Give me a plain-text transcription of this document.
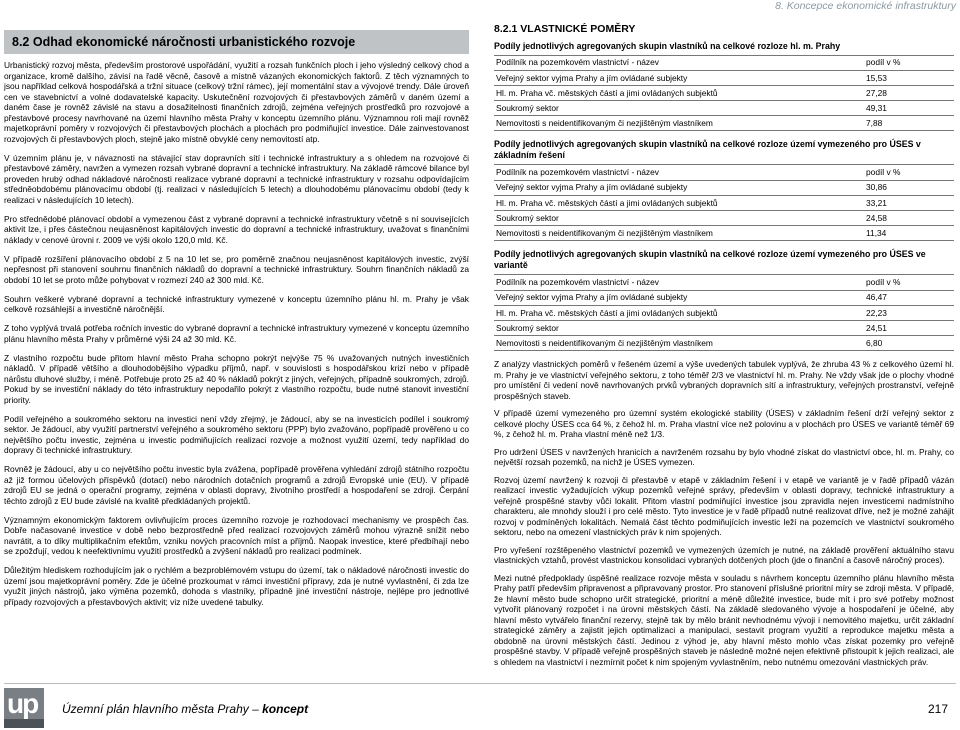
8. Koncepce ekonomické infrastruktury
8.2 Odhad ekonomické náročnosti urbanistického rozvoje

Urbanistický rozvoj města, především prostorové uspořádání, využití a rozsah funkčních ploch i jeho výsledný celkový chod a organizace, kromě dalšího, závisí na řadě věcně, časově a místně vázaných ekonomických faktorů. Z těch významných to jsou například celková hospodářská a tržní situace (celkový tržní rámec), její momentální stav a vývojové trendy. Dále úroveň cen ve stavebnictví a volné dodavatelské kapacity. Uskutečnění rozvojových či přestavbových záměrů v daném území a daném čase je rovněž závislé na stavu a dosažitelnosti finančních zdrojů, zejména veřejných prostředků pro rozvojové a přestavbové procesy navrhované na území hlavního města Prahy v konceptu územního plánu. Významnou roli mají rovněž majetkoprávní poměry v rozvojových či přestavbových plochách a plochách pro podmiňující investice. Dále zainvestovanost rozvojových či přestavbových ploch, stejně jako místně obvyklé ceny nemovitostí atp.

V územním plánu je, v návaznosti na stávající stav dopravních sítí i technické infrastruktury a s ohledem na rozvojové či přestavbové záměry, navržen a vymezen rozsah vybrané dopravní a technické infrastruktury. Na základě rámcové bilance byl proveden hrubý odhad nákladové náročnosti realizace vybrané dopravní a technické infrastruktury v rozsahu odpovídajícím středněobdobému plánovacímu období (tj. realizaci v následujících 5 letech) a dlouhodobému plánovacímu období (tedy k realizaci v následujících 10 letech).

Pro střednědobé plánovací období a vymezenou část z vybrané dopravní a technické infrastruktury včetně s ní souvisejících aktivit lze, i přes částečnou neujasněnost kapitálových investic do dopravní a technické infrastruktury, uvažovat s finančními náklady v cenové úrovni r. 2009 ve výši okolo 120,0 mld. Kč.

V případě rozšíření plánovacího období z 5 na 10 let se, pro poměrně značnou neujasněnost kapitálových investic, zvýší nepřesnost při stanovení souhrnu finančních nákladů do dopravní a technické infrastruktury. Souhrn finančních nákladů za období 10 let se proto může pohybovat v rozmezí 240 až 300 mld. Kč.

Souhrn veškeré vybrané dopravní a technické infrastruktury vymezené v konceptu územního plánu hl. m. Prahy je však celkově rozsáhlejší a investičně náročnější.

Z toho vyplývá trvalá potřeba ročních investic do vybrané dopravní a technické infrastruktury vymezené v konceptu územního plánu hlavního města Prahy v průměrné výši 24 až 30 mld. Kč.

Z vlastního rozpočtu bude přitom hlavní město Praha schopno pokrýt nejvýše 75 % uvažovaných nutných investičních nákladů. V případě většího a dlouhodobějšího výpadku příjmů, např. v souvislosti s hospodářskou krizí nebo v případě nárůstu dluhové služby, i méně. Potřebuje proto 25 až 40 % nákladů pokrýt z jiných, veřejných, případně soukromých, zdrojů. Pokud by se investiční náklady do této infrastruktury nepodařilo pokrýt z vlastního rozpočtu, bude nutné stanovit investiční priority.

Podíl veřejného a soukromého sektoru na investici není vždy zřejmý, je žádoucí, aby se na investicích podílel i soukromý sektor. Je žádoucí, aby využití partnerství veřejného a soukromého sektoru (PPP) bylo zvažováno, popřípadě prověřeno u co největšího počtu investic, zejména u investic podmiňujících realizaci rozvoje a možnost využití území, tedy například do dopravy či technické infrastruktury.

Rovněž je žádoucí, aby u co největšího počtu investic byla zvážena, popřípadě prověřena vyhledání zdrojů státního rozpočtu až již formou účelových příspěvků (dotací) nebo národních dotačních programů a zdrojů Evropské unie (EU). V případě zdrojů EU se jedná o operační programy, zejména v oblasti dopravy, životního prostředí a hospodaření se zdroji. Čerpání těchto zdrojů z EU bude závislé na kvalitě předkládaných projektů.

Významným ekonomickým faktorem ovlivňujícím proces územního rozvoje je rozhodovací mechanismy ve prospěch čas. Dobře načasované investice v době nebo bezprostředně před realizací rozvojových záměrů mohou výrazně snížit nebo navrátit, a to díky multiplikačním efektům, vzniku nových pracovních míst a příjmů. Naopak investice, které předbíhají nebo se zpožďují, vedou k neefektivnímu využití prostředků a zvýšení nákladů pro realizaci podmínek.

Důležitým hlediskem rozhodujícím jak o rychlém a bezproblémovém vstupu do území, tak o nákladové náročnosti investic do území jsou majetkoprávní poměry. Zde je účelné prozkoumat v rámci investiční přípravy, zda je nutné vyvlastnění, či zda lze využít jiných nástrojů, jako výměna pozemků, dohoda s vlastníky, případně jiné investiční nástroje, nejlépe pro jednotlivé případy rozvojových a přestavbových aktivit; viz níže uvedené tabulky.

8.2.1 VLASTNICKÉ POMĚRY
Podíly jednotlivých agregovaných skupin vlastníků na celkové rozloze hl. m. Prahy
Podílník na pozemkovém vlastnictví - název	podíl v %
Veřejný sektor vyjma Prahy a jím ovládané subjekty	15,53
Hl. m. Praha vč. městských částí a jimi ovládaných subjektů	27,28
Soukromý sektor	49,31
Nemovitosti s neidentifikovaným či nezjištěným vlastníkem	7,88
Podíly jednotlivých agregovaných skupin vlastníků na celkové rozloze území vymezeného pro ÚSES v základním řešení
Podílník na pozemkovém vlastnictví - název	podíl v %
Veřejný sektor vyjma Prahy a jím ovládané subjekty	30,86
Hl. m. Praha vč. městských částí a jimi ovládaných subjektů	33,21
Soukromý sektor	24,58
Nemovitosti s neidentifikovaným či nezjištěným vlastníkem	11,34
Podíly jednotlivých agregovaných skupin vlastníků na celkové rozloze území vymezeného pro ÚSES ve variantě
Podílník na pozemkovém vlastnictví - název	podíl v %
Veřejný sektor vyjma Prahy a jím ovládané subjekty	46,47
Hl. m. Praha vč. městských částí a jimi ovládaných subjektů	22,23
Soukromý sektor	24,51
Nemovitosti s neidentifikovaným či nezjištěným vlastníkem	6,80

Z analýzy vlastnických poměrů v řešeném území a výše uvedených tabulek vyplývá, že zhruba 43 % z celkového území hl. m. Prahy je ve vlastnictví veřejného sektoru, z toho téměř 2/3 ve vlastnictví hl. m. Prahy. Ne vždy však jde o plochy vhodné pro umístění či vedení nově navrhovaných prvků vybraných dopravních sítí a infrastruktury, veřejných prostranství, veřejně prospěšných staveb.

V případě území vymezeného pro územní systém ekologické stability (ÚSES) v základním řešení drží veřejný sektor z celkové plochy ÚSES cca 64 %, z čehož hl. m. Praha vlastní více než polovinu a v plochách pro ÚSES ve variantě téměř 69 %, z čehož hl. m. Praha vlastní méně než 1/3.

Pro udržení ÚSES v navržených hranicích a navrženém rozsahu by bylo vhodné získat do vlastnictví obce, hl. m. Prahy, co největší rozsah pozemků, na nichž je ÚSES vymezen.

Rozvoj území navržený k rozvoji či přestavbě v etapě v základním řešení i v etapě ve variantě je v řadě případů vázán realizací investic vyžadujících výkup pozemků veřejné správy, především v oblasti dopravy, technické infrastruktury a veřejně prospěšné stavby vůči lokalit. Přitom vlastní podmiňující investice jsou zpravidla nejen investicemi nadmístního charakteru, ale mnohdy slouží i pro celé město. Tyto investice je v řadě případů nutné realizovat dříve, než je možné zahájit rozvoj v podmíněných lokalitách. Nemalá část těchto podmiňujících investic leží na pozemcích ve vlastnictví soukromého sektoru, nebo na omezení vlastnických práv k nim spojených.

Pro vyřešení rozštěpeného vlastnictví pozemků ve vymezených územích je nutné, na základě prověření aktuálního stavu vlastnických vztahů, provést vlastnickou konsolidaci vybraných dotčených ploch (jde o finanční a časově náročný proces).

Mezi nutné předpoklady úspěšné realizace rozvoje města v souladu s návrhem konceptu územního plánu hlavního města Prahy patří především připravenost a připravovaný prostor. Pro stanovení příslušné prioritní míry se zdroji města. V případě, že hlavní město bude schopno určit strategické, prioritní a méně důležité investice, bude mít i pro své potřeby možnost vytvořit plánovaný rozpočet i na úrovni městských částí. Na základě sledovaného vývoje a hospodaření je účelné, aby hlavní město vytvářelo finanční rezervy, stejně tak by mělo bránit nevhodnému vývoji i nemovitého majetku, určit základní strategické záměry a zajistit jejich optimalizaci a manipulaci, sestavit program využití a reprodukce majetku města a obdobně na úrovni městských částí. Jedinou z výhod je, aby hlavní město mohlo včas získat pozemky pro veřejně prospěšné stavby. V případě veřejně prospěšných staveb je následně možné nejen efektivně přistoupit k jejich realizaci, ale s ohledem na vlastnictví i nezmírnit počet k nim spojeným vyvlastněním, nebo nutnému omezování vlastnických práv.

up Územní plán hlavního města Prahy – koncept	217
